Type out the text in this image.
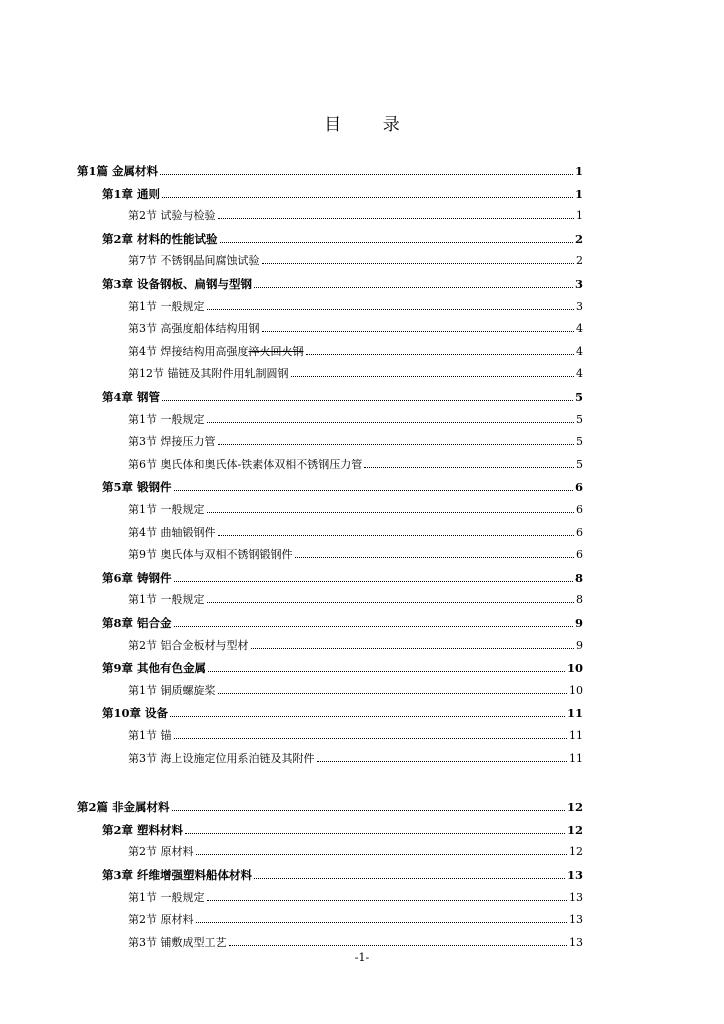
目 录
第1篇 金属材料	1
第1章 通则	1
第2节 试验与检验	1
第2章 材料的性能试验	2
第7节 不锈钢晶间腐蚀试验	2
第3章 设备钢板、扁钢与型钢	3
第1节 一般规定	3
第3节 高强度船体结构用钢	4
第4节 焊接结构用高强度淬火回火钢	4
第12节 锚链及其附件用轧制圆钢	4
第4章 钢管	5
第1节 一般规定	5
第3节 焊接压力管	5
第6节 奥氏体和奥氏体-铁素体双相不锈钢压力管	5
第5章 锻钢件	6
第1节 一般规定	6
第4节 曲轴锻钢件	6
第9节 奥氏体与双相不锈钢锻钢件	6
第6章 铸钢件	8
第1节 一般规定	8
第8章 铝合金	9
第2节 铝合金板材与型材	9
第9章 其他有色金属	10
第1节 铜质螺旋桨	10
第10章 设备	11
第1节 锚	11
第3节 海上设施定位用系泊链及其附件	11
第2篇 非金属材料	12
第2章 塑料材料	12
第2节 原材料	12
第3章 纤维增强塑料船体材料	13
第1节 一般规定	13
第2节 原材料	13
第3节 铺敷成型工艺	13
-1-
